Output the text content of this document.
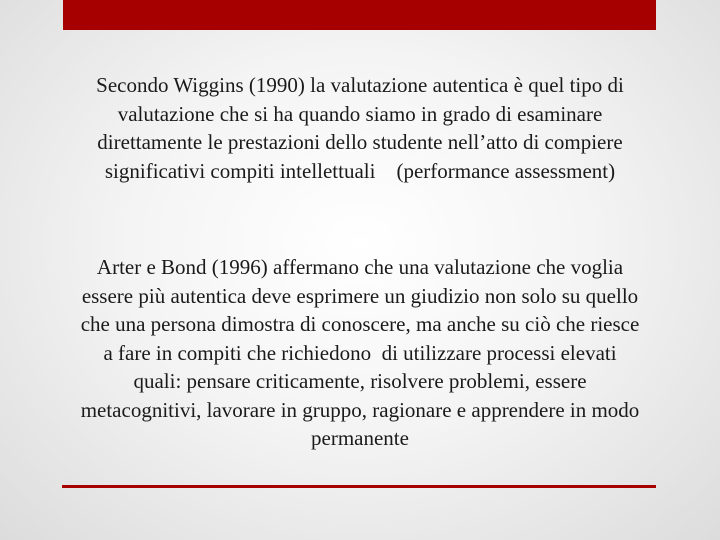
Secondo Wiggins (1990) la valutazione autentica è quel tipo di
valutazione che si ha quando siamo in grado di esaminare
direttamente le prestazioni dello studente nell’atto di compiere
significativi compiti intellettuali    (performance assessment)

Arter e Bond (1996) affermano che una valutazione che voglia
essere più autentica deve esprimere un giudizio non solo su quello
che una persona dimostra di conoscere, ma anche su ciò che riesce
a fare in compiti che richiedono  di utilizzare processi elevati
quali: pensare criticamente, risolvere problemi, essere
metacognitivi, lavorare in gruppo, ragionare e apprendere in modo
permanente
